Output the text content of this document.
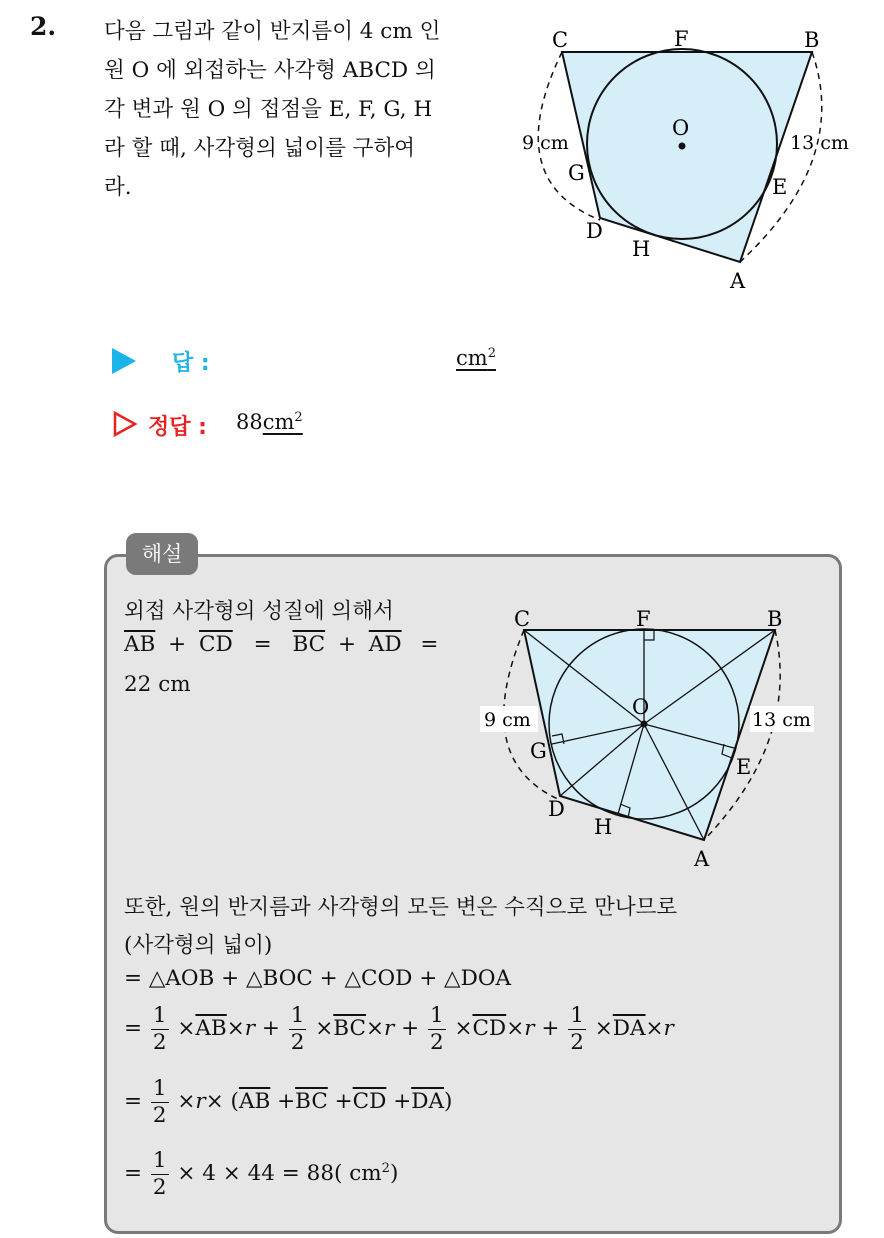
2. 다음 그림과 같이 반지름이 4 cm 인

원 O 에 외접하는 사각형 ABCD 의

각 변과 원 O 의 접점을 E, F, G, H

라 할 때, 사각형의 넓이를 구하여

라.

C	F	B
O
9 cm	13 cm
G
E
D
H
A
답 :	$cm^2$
정답 : $88cm^2$
해설
외접 사각형의 성질에 의해서
$\overline{AB} + \overline{CD} = \overline{BC} + \overline{AD}$ =
22 cm
9 cm	13 cm
C	F	B
O
G
E
D
H
A
또한, 원의 반지름과 사각형의 모든 변은 수직으로 만나므로
(사각형의 넓이)
= △AOB + △BOC + △COD + △DOA
= $\frac{1}{2} \times\overline{AB}\times r + \frac{1}{2} \times\overline{BC}\times r + \frac{1}{2} \times\overline{CD}\times r + \frac{1}{2} \times\overline{DA}\times r$
= $\frac{1}{2} \times r\times (\overline{AB} +\overline{BC} +\overline{CD} +\overline{DA})$
= $\frac{1}{2} \times 4 \times 44 = 88$( $cm^2$)
